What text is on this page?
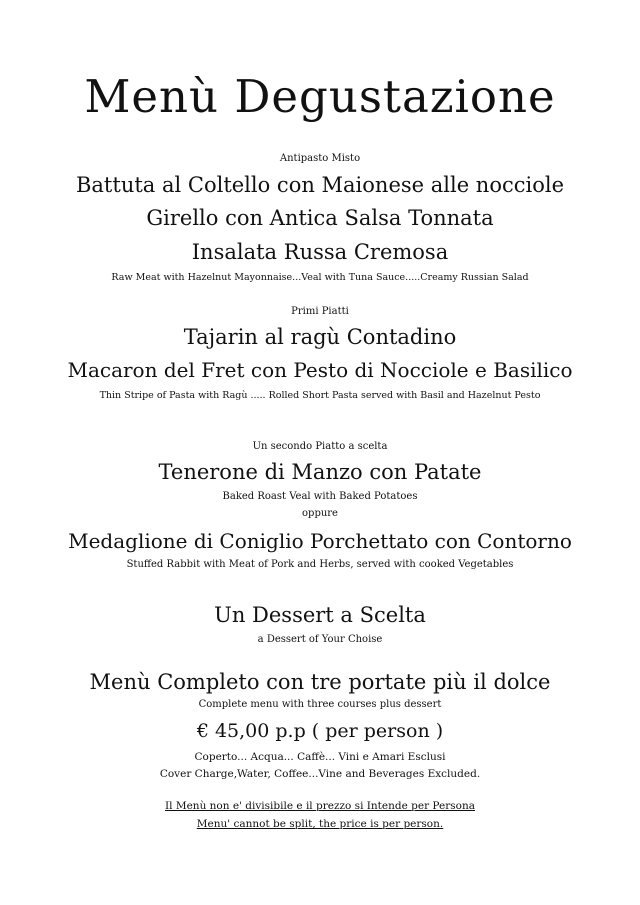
Menù Degustazione
Antipasto Misto
Battuta al Coltello con Maionese alle nocciole
Girello con Antica Salsa Tonnata
Insalata Russa Cremosa
Raw Meat with Hazelnut Mayonnaise...Veal with Tuna Sauce.....Creamy Russian Salad
Primi Piatti
Tajarin al ragù Contadino
Macaron del Fret con Pesto di Nocciole e Basilico
Thin Stripe of Pasta with Ragù ..... Rolled Short Pasta served with Basil and Hazelnut Pesto
Un secondo Piatto a scelta
Tenerone di Manzo con Patate
Baked Roast Veal with Baked Potatoes
oppure
Medaglione di Coniglio Porchettato con Contorno
Stuffed Rabbit with Meat of Pork and Herbs, served with cooked Vegetables
Un Dessert a Scelta
a Dessert of Your Choise
Menù Completo con tre portate più il dolce
Complete menu with three courses plus dessert
€ 45,00 p.p ( per person )
Coperto... Acqua... Caffè... Vini e Amari Esclusi
Cover Charge,Water, Coffee...Vine and Beverages Excluded.
Il Menù non e' divisibile e il prezzo si Intende per Persona
Menu' cannot be split, the price is per person.
